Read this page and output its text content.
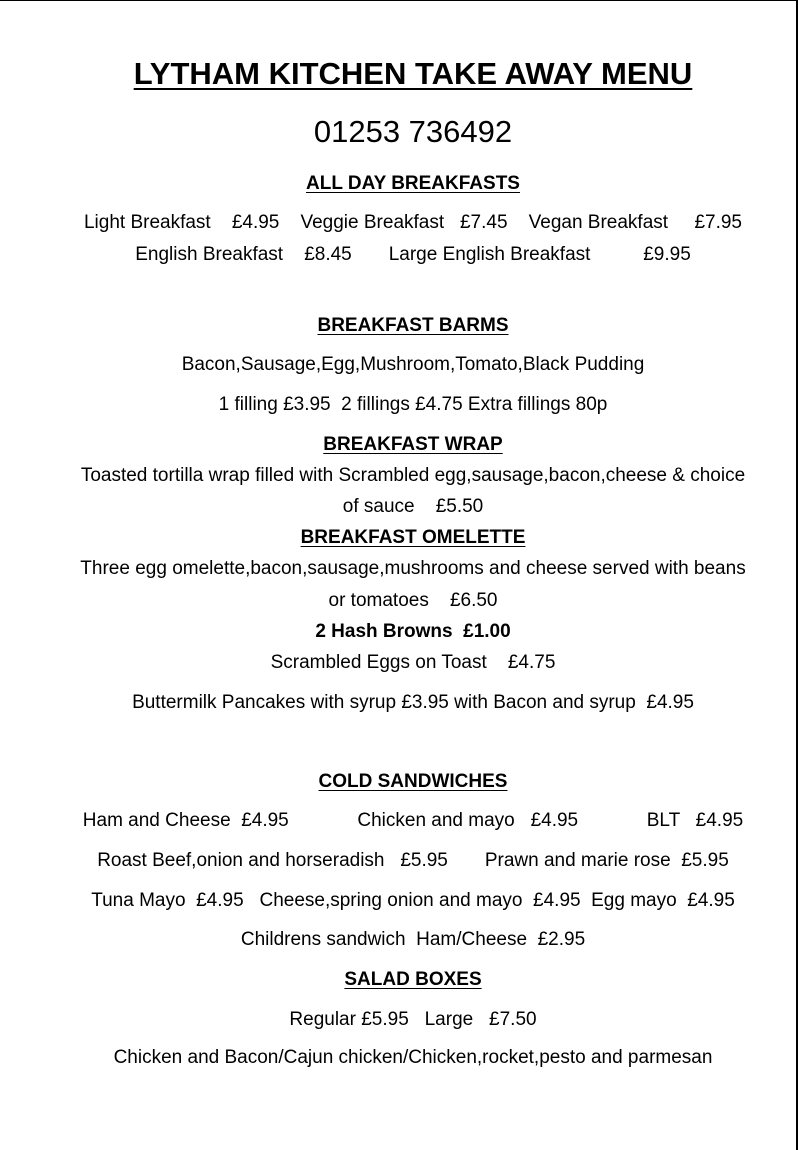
LYTHAM KITCHEN TAKE AWAY MENU
01253 736492
ALL DAY BREAKFASTS
Light Breakfast    £4.95    Veggie Breakfast   £7.45    Vegan Breakfast     £7.95
English Breakfast    £8.45       Large English Breakfast          £9.95
BREAKFAST BARMS
Bacon,Sausage,Egg,Mushroom,Tomato,Black Pudding
1 filling £3.95  2 fillings £4.75 Extra fillings 80p
BREAKFAST WRAP
Toasted tortilla wrap filled with Scrambled egg,sausage,bacon,cheese & choice
of sauce    £5.50
BREAKFAST OMELETTE
Three egg omelette,bacon,sausage,mushrooms and cheese served with beans
or tomatoes    £6.50
2 Hash Browns  £1.00
Scrambled Eggs on Toast    £4.75
Buttermilk Pancakes with syrup £3.95 with Bacon and syrup  £4.95
COLD SANDWICHES
Ham and Cheese  £4.95             Chicken and mayo   £4.95             BLT   £4.95
Roast Beef,onion and horseradish   £5.95       Prawn and marie rose  £5.95
Tuna Mayo  £4.95   Cheese,spring onion and mayo  £4.95  Egg mayo  £4.95
Childrens sandwich  Ham/Cheese  £2.95
SALAD BOXES
Regular £5.95   Large   £7.50
Chicken and Bacon/Cajun chicken/Chicken,rocket,pesto and parmesan
